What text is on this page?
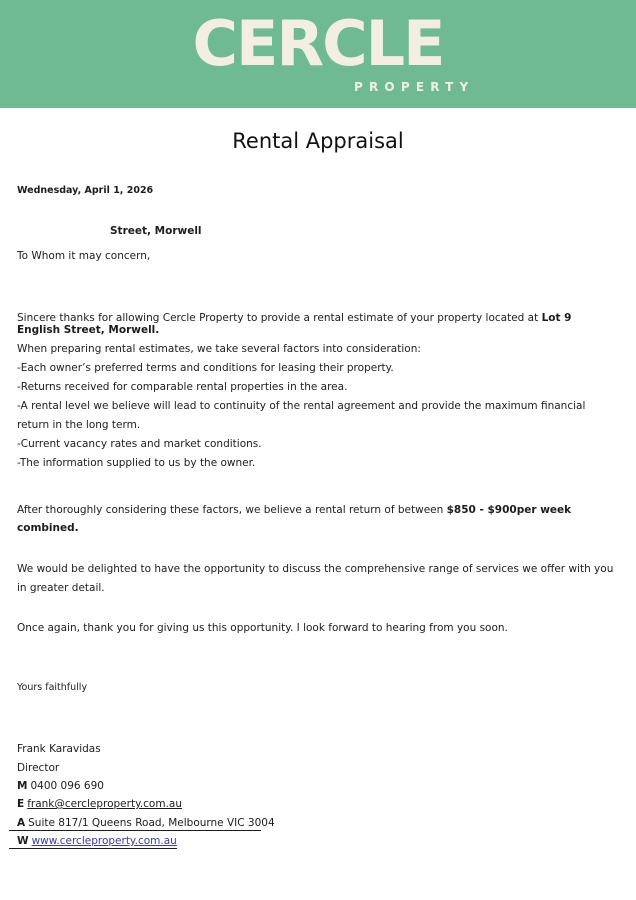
CERCLE
PROPERTY
Rental Appraisal
Wednesday, April 1, 2026
Street, Morwell
To Whom it may concern,
Sincere thanks for allowing Cercle Property to provide a rental estimate of your property located at Lot 9
English Street, Morwell.
When preparing rental estimates, we take several factors into consideration:
-Each owner’s preferred terms and conditions for leasing their property.
-Returns received for comparable rental properties in the area.
-A rental level we believe will lead to continuity of the rental agreement and provide the maximum financial
return in the long term.
-Current vacancy rates and market conditions.
-The information supplied to us by the owner.
After thoroughly considering these factors, we believe a rental return of between $850 - $900per week
combined.
We would be delighted to have the opportunity to discuss the comprehensive range of services we offer with you
in greater detail.
Once again, thank you for giving us this opportunity. I look forward to hearing from you soon.
Yours faithfully
Frank Karavidas
Director
M 0400 096 690
E frank@cercleproperty.com.au
A Suite 817/1 Queens Road, Melbourne VIC 3004
W www.cercleproperty.com.au
